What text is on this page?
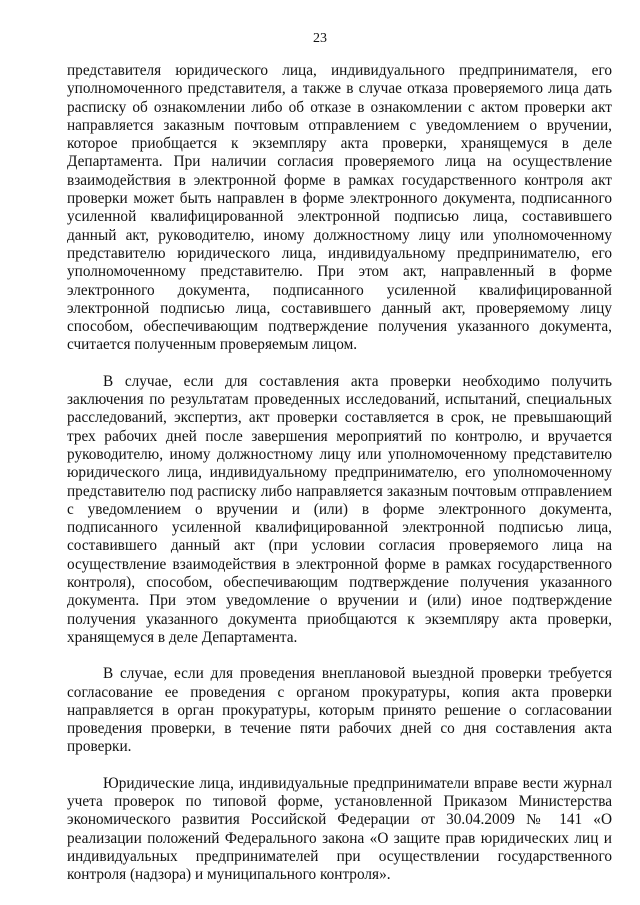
23

представителя юридического лица, индивидуального предпринимателя, его уполномоченного представителя, а также в случае отказа проверяемого лица дать расписку об ознакомлении либо об отказе в ознакомлении с актом проверки акт направляется заказным почтовым отправлением с уведомлением о вручении, которое приобщается к экземпляру акта проверки, хранящемуся в деле Департамента. При наличии согласия проверяемого лица на осуществление взаимодействия в электронной форме в рамках государственного контроля акт проверки может быть направлен в форме электронного документа, подписанного усиленной квалифицированной электронной подписью лица, составившего данный акт, руководителю, иному должностному лицу или уполномоченному представителю юридического лица, индивидуальному предпринимателю, его уполномоченному представителю. При этом акт, направленный в форме электронного документа, подписанного усиленной квалифицированной электронной подписью лица, составившего данный акт, проверяемому лицу способом, обеспечивающим подтверждение получения указанного документа, считается полученным проверяемым лицом.

В случае, если для составления акта проверки необходимо получить заключения по результатам проведенных исследований, испытаний, специальных расследований, экспертиз, акт проверки составляется в срок, не превышающий трех рабочих дней после завершения мероприятий по контролю, и вручается руководителю, иному должностному лицу или уполномоченному представителю юридического лица, индивидуальному предпринимателю, его уполномоченному представителю под расписку либо направляется заказным почтовым отправлением с уведомлением о вручении и (или) в форме электронного документа, подписанного усиленной квалифицированной электронной подписью лица, составившего данный акт (при условии согласия проверяемого лица на осуществление взаимодействия в электронной форме в рамках государственного контроля), способом, обеспечивающим подтверждение получения указанного документа. При этом уведомление о вручении и (или) иное подтверждение получения указанного документа приобщаются к экземпляру акта проверки, хранящемуся в деле Департамента.

В случае, если для проведения внеплановой выездной проверки требуется согласование ее проведения с органом прокуратуры, копия акта проверки направляется в орган прокуратуры, которым принято решение о согласовании проведения проверки, в течение пяти рабочих дней со дня составления акта проверки.

Юридические лица, индивидуальные предприниматели вправе вести журнал учета проверок по типовой форме, установленной Приказом Министерства экономического развития Российской Федерации от 30.04.2009 № 141 «О реализации положений Федерального закона «О защите прав юридических лиц и индивидуальных предпринимателей при осуществлении государственного контроля (надзора) и муниципального контроля».
